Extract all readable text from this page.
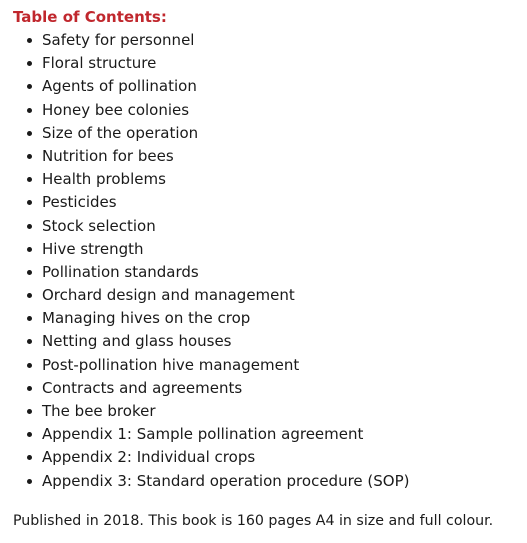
Table of Contents:
Safety for personnel
Floral structure
Agents of pollination
Honey bee colonies
Size of the operation
Nutrition for bees
Health problems
Pesticides
Stock selection
Hive strength
Pollination standards
Orchard design and management
Managing hives on the crop
Netting and glass houses
Post-pollination hive management
Contracts and agreements
The bee broker
Appendix 1: Sample pollination agreement
Appendix 2: Individual crops
Appendix 3: Standard operation procedure (SOP)

Published in 2018. This book is 160 pages A4 in size and full colour.
